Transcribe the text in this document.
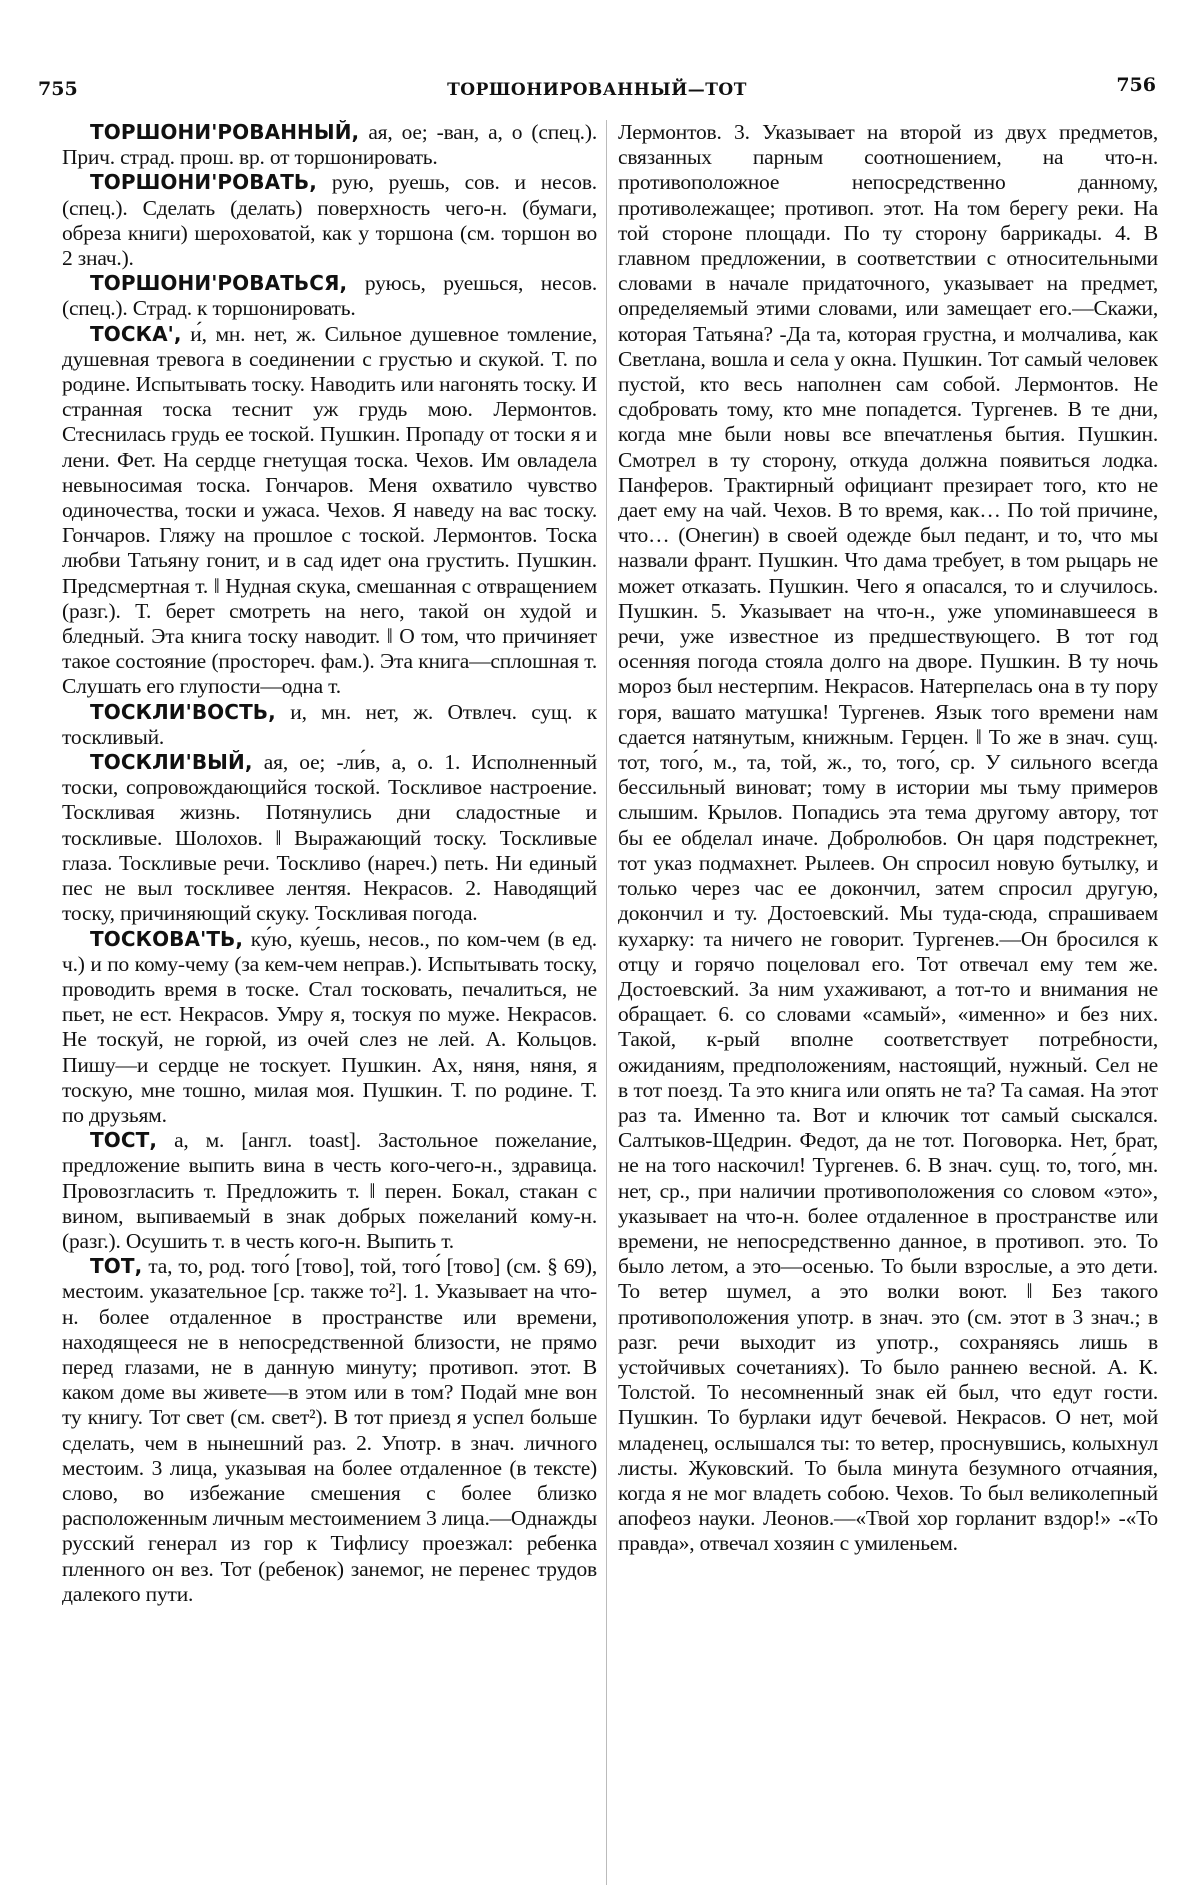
755	ТОРШОНИРОВАННЫЙ—ТОТ	756

ТОРШОНИ'РОВАННЫЙ, ая, ое; -ван, а, о (спец.). Прич. страд. прош. вр. от торшонировать.

ТОРШОНИ'РОВАТЬ, рую, руешь, сов. и несов. (спец.). Сделать (делать) поверхность чего-н. (бумаги, обреза книги) шероховатой, как у торшона (см. торшон во 2 знач.).

ТОРШОНИ'РОВАТЬСЯ, руюсь, руешься, несов. (спец.). Страд. к торшонировать.

ТОСКА', и́, мн. нет, ж. Сильное душевное томление, душевная тревога в соединении с грустью и скукой. Т. по родине. Испытывать тоску. Наводить или нагонять тоску. И странная тоска теснит уж грудь мою. Лермонтов. Стеснилась грудь ее тоской. Пушкин. Пропаду от тоски я и лени. Фет. На сердце гнетущая тоска. Чехов. Им овладела невыносимая тоска. Гончаров. Меня охватило чувство одиночества, тоски и ужаса. Чехов. Я наведу на вас тоску. Гончаров. Гляжу на прошлое с тоской. Лермонтов. Тоска любви Татьяну гонит, и в сад идет она грустить. Пушкин. Предсмертная т. ‖ Нудная скука, смешанная с отвращением (разг.). Т. берет смотреть на него, такой он худой и бледный. Эта книга тоску наводит. ‖ О том, что причиняет такое состояние (простореч. фам.). Эта книга—сплошная т. Слушать его глупости—одна т.

ТОСКЛИ'ВОСТЬ, и, мн. нет, ж. Отвлеч. сущ. к тоскливый.

ТОСКЛИ'ВЫЙ, ая, ое; -ли́в, а, о. 1. Исполненный тоски, сопровождающийся тоской. Тоскливое настроение. Тоскливая жизнь. Потянулись дни сладостные и тоскливые. Шолохов. ‖ Выражающий тоску. Тоскливые глаза. Тоскливые речи. Тоскливо (нареч.) петь. Ни единый пес не выл тоскливее лентяя. Некрасов. 2. Наводящий тоску, причиняющий скуку. Тоскливая погода.

ТОСКОВА'ТЬ, ку́ю, ку́ешь, несов., по ком-чем (в ед. ч.) и по кому-чему (за кем-чем неправ.). Испытывать тоску, проводить время в тоске. Стал тосковать, печалиться, не пьет, не ест. Некрасов. Умру я, тоскуя по муже. Некрасов. Не тоскуй, не горюй, из очей слез не лей. А. Кольцов. Пишу—и сердце не тоскует. Пушкин. Ах, няня, няня, я тоскую, мне тошно, милая моя. Пушкин. Т. по родине. Т. по друзьям.

ТОСТ, а, м. [англ. toast]. Застольное пожелание, предложение выпить вина в честь кого-чего-н., здравица. Провозгласить т. Предложить т. ‖ перен. Бокал, стакан с вином, выпиваемый в знак добрых пожеланий кому-н. (разг.). Осушить т. в честь кого-н. Выпить т.

ТОТ, та, то, род. того́ [тово], той, того́ [тово] (см. § 69), местоим. указательное [ср. также то²]. 1. Указывает на что-н. более отдаленное в пространстве или времени, находящееся не в непосредственной близости, не прямо перед глазами, не в данную минуту; противоп. этот. В каком доме вы живете—в этом или в том? Подай мне вон ту книгу. Тот свет (см. свет²). В тот приезд я успел больше сделать, чем в нынешний раз. 2. Употр. в знач. личного местоим. 3 лица, указывая на более отдаленное (в тексте) слово, во избежание смешения с более близко расположенным личным местоимением 3 лица.—Однажды русский генерал из гор к Тифлису проезжал: ребенка пленного он вез. Тот (ребенок) занемог, не перенес трудов далекого пути.

Лермонтов. 3. Указывает на второй из двух предметов, связанных парным соотношением, на что-н. противоположное непосредственно данному, противолежащее; противоп. этот. На том берегу реки. На той стороне площади. По ту сторону баррикады. 4. В главном предложении, в соответствии с относительными словами в начале придаточного, указывает на предмет, определяемый этими словами, или замещает его.—Скажи, которая Татьяна? -Да та, которая грустна, и молчалива, как Светлана, вошла и села у окна. Пушкин. Тот самый человек пустой, кто весь наполнен сам собой. Лермонтов. Не сдобровать тому, кто мне попадется. Тургенев. В те дни, когда мне были новы все впечатленья бытия. Пушкин. Смотрел в ту сторону, откуда должна появиться лодка. Панферов. Трактирный официант презирает того, кто не дает ему на чай. Чехов. В то время, как… По той причине, что… (Онегин) в своей одежде был педант, и то, что мы назвали франт. Пушкин. Что дама требует, в том рыцарь не может отказать. Пушкин. Чего я опасался, то и случилось. Пушкин. 5. Указывает на что-н., уже упоминавшееся в речи, уже известное из предшествующего. В тот год осенняя погода стояла долго на дворе. Пушкин. В ту ночь мороз был нестерпим. Некрасов. Натерпелась она в ту пору горя, вашато матушка! Тургенев. Язык того времени нам сдается натянутым, книжным. Герцен. ‖ То же в знач. сущ. тот, того́, м., та, той, ж., то, того́, ср. У сильного всегда бессильный виноват; тому в истории мы тьму примеров слышим. Крылов. Попадись эта тема другому автору, тот бы ее обделал иначе. Добролюбов. Он царя подстрекнет, тот указ подмахнет. Рылеев. Он спросил новую бутылку, и только через час ее докончил, затем спросил другую, докончил и ту. Достоевский. Мы туда-сюда, спрашиваем кухарку: та ничего не говорит. Тургенев.—Он бросился к отцу и горячо поцеловал его. Тот отвечал ему тем же. Достоевский. За ним ухаживают, а тот-то и внимания не обращает. 6. со словами «самый», «именно» и без них. Такой, к-рый вполне соответствует потребности, ожиданиям, предположениям, настоящий, нужный. Сел не в тот поезд. Та это книга или опять не та? Та самая. На этот раз та. Именно та. Вот и ключик тот самый сыскался. Салтыков-Щедрин. Федот, да не тот. Поговорка. Нет, брат, не на того наскочил! Тургенев. 6. В знач. сущ. то, того́, мн. нет, ср., при наличии противоположения со словом «это», указывает на что-н. более отдаленное в пространстве или времени, не непосредственно данное, в противоп. это. То было летом, а это—осенью. То были взрослые, а это дети. То ветер шумел, а это волки воют. ‖ Без такого противоположения употр. в знач. это (см. этот в 3 знач.; в разг. речи выходит из употр., сохраняясь лишь в устойчивых сочетаниях). То было раннею весной. А. К. Толстой. То несомненный знак ей был, что едут гости. Пушкин. То бурлаки идут бечевой. Некрасов. О нет, мой младенец, ослышался ты: то ветер, проснувшись, колыхнул листы. Жуковский. То была минута безумного отчаяния, когда я не мог владеть собою. Чехов. То был великолепный апофеоз науки. Леонов.—«Твой хор горланит вздор!» -«То правда», отвечал хозяин с умиленьем.
